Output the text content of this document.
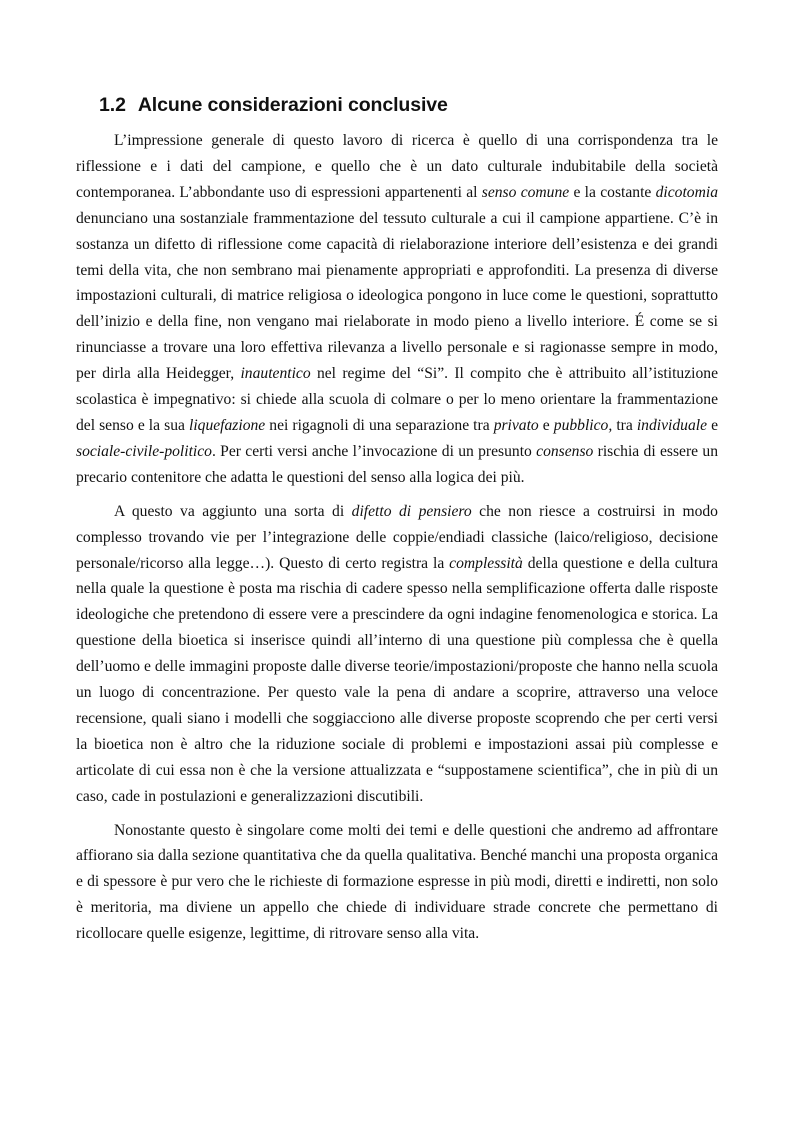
1.2 Alcune considerazioni conclusive

L’impressione generale di questo lavoro di ricerca è quello di una corrispondenza tra le riflessione e i dati del campione, e quello che è un dato culturale indubitabile della società contemporanea. L’abbondante uso di espressioni appartenenti al senso comune e la costante dicotomia denunciano una sostanziale frammentazione del tessuto culturale a cui il campione appartiene. C’è in sostanza un difetto di riflessione come capacità di rielaborazione interiore dell’esistenza e dei grandi temi della vita, che non sembrano mai pienamente appropriati e approfonditi. La presenza di diverse impostazioni culturali, di matrice religiosa o ideologica pongono in luce come le questioni, soprattutto dell’inizio e della fine, non vengano mai rielaborate in modo pieno a livello interiore. É come se si rinunciasse a trovare una loro effettiva rilevanza a livello personale e si ragionasse sempre in modo, per dirla alla Heidegger, inautentico nel regime del “Si”. Il compito che è attribuito all’istituzione scolastica è impegnativo: si chiede alla scuola di colmare o per lo meno orientare la frammentazione del senso e la sua liquefazione nei rigagnoli di una separazione tra privato e pubblico, tra individuale e sociale-civile-politico. Per certi versi anche l’invocazione di un presunto consenso rischia di essere un precario contenitore che adatta le questioni del senso alla logica dei più.

A questo va aggiunto una sorta di difetto di pensiero che non riesce a costruirsi in modo complesso trovando vie per l’integrazione delle coppie/endiadi classiche (laico/religioso, decisione personale/ricorso alla legge…). Questo di certo registra la complessità della questione e della cultura nella quale la questione è posta ma rischia di cadere spesso nella semplificazione offerta dalle risposte ideologiche che pretendono di essere vere a prescindere da ogni indagine fenomenologica e storica. La questione della bioetica si inserisce quindi all’interno di una questione più complessa che è quella dell’uomo e delle immagini proposte dalle diverse teorie/impostazioni/proposte che hanno nella scuola un luogo di concentrazione. Per questo vale la pena di andare a scoprire, attraverso una veloce recensione, quali siano i modelli che soggiacciono alle diverse proposte scoprendo che per certi versi la bioetica non è altro che la riduzione sociale di problemi e impostazioni assai più complesse e articolate di cui essa non è che la versione attualizzata e “suppostamene scientifica”, che in più di un caso, cade in postulazioni e generalizzazioni discutibili.

Nonostante questo è singolare come molti dei temi e delle questioni che andremo ad affrontare affiorano sia dalla sezione quantitativa che da quella qualitativa. Benché manchi una proposta organica e di spessore è pur vero che le richieste di formazione espresse in più modi, diretti e indiretti, non solo è meritoria, ma diviene un appello che chiede di individuare strade concrete che permettano di ricollocare quelle esigenze, legittime, di ritrovare senso alla vita.
